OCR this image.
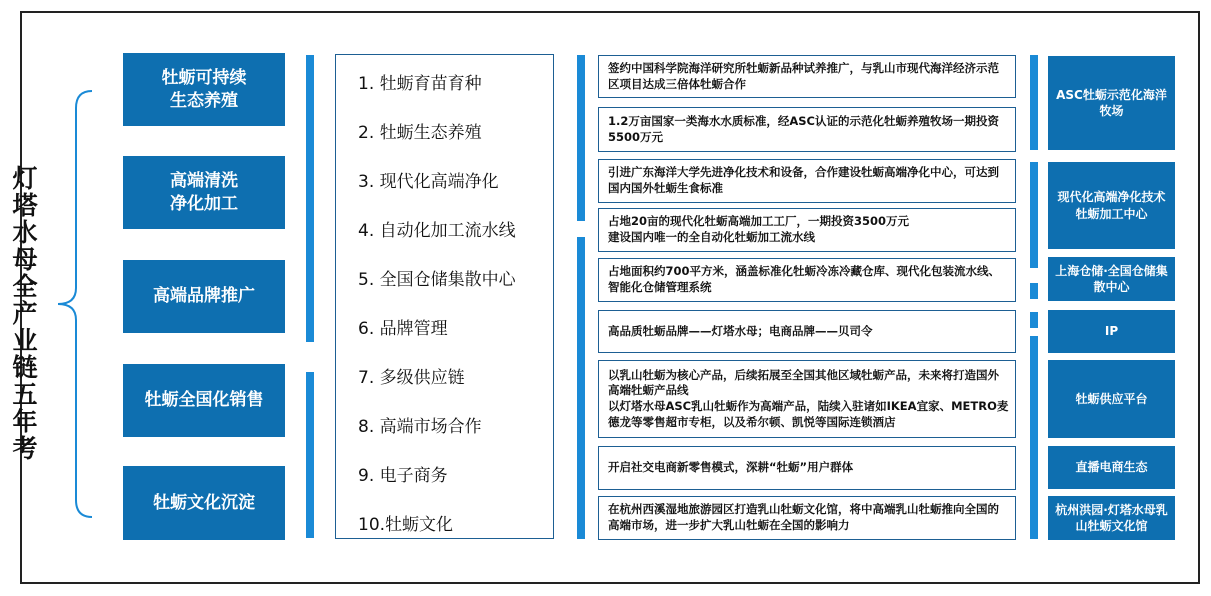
灯塔水母全产业链五年考
牡蛎可持续
生态养殖
高端清洗
净化加工
高端品牌推广
牡蛎全国化销售
牡蛎文化沉淀
1. 牡蛎育苗育种
2. 牡蛎生态养殖
3. 现代化高端净化
4. 自动化加工流水线
5. 全国仓储集散中心
6. 品牌管理
7. 多级供应链
8. 高端市场合作
9. 电子商务
10.牡蛎文化
签约中国科学院海洋研究所牡蛎新品种试养推广，与乳山市现代海洋经济示范区项目达成三倍体牡蛎合作
1.2万亩国家一类海水水质标准，经ASC认证的示范化牡蛎养殖牧场一期投资5500万元
引进广东海洋大学先进净化技术和设备，合作建设牡蛎高端净化中心，可达到国内国外牡蛎生食标准
占地20亩的现代化牡蛎高端加工工厂，一期投资3500万元
建设国内唯一的全自动化牡蛎加工流水线
占地面积约700平方米，涵盖标准化牡蛎冷冻冷藏仓库、现代化包装流水线、智能化仓储管理系统
高品质牡蛎品牌——灯塔水母；电商品牌——贝司令
以乳山牡蛎为核心产品，后续拓展至全国其他区域牡蛎产品，未来将打造国外高端牡蛎产品线
以灯塔水母ASC乳山牡蛎作为高端产品，陆续入驻诸如IKEA宜家、METRO麦德龙等零售超市专柜，以及希尔顿、凯悦等国际连锁酒店
开启社交电商新零售模式，深耕“牡蛎”用户群体
在杭州西溪湿地旅游园区打造乳山牡蛎文化馆，将中高端乳山牡蛎推向全国的高端市场，进一步扩大乳山牡蛎在全国的影响力
ASC牡蛎示范化海洋牧场
现代化高端净化技术牡蛎加工中心
上海仓储·全国仓储集散中心
IP
牡蛎供应平台
直播电商生态
杭州洪园·灯塔水母乳山牡蛎文化馆
